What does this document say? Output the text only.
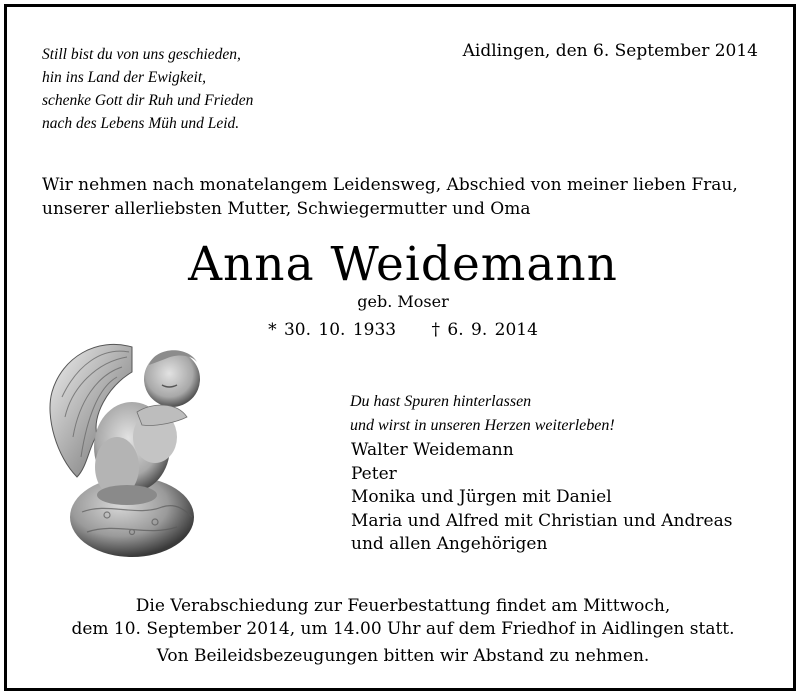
Still bist du von uns geschieden,
hin ins Land der Ewigkeit,
schenke Gott dir Ruh und Frieden
nach des Lebens Müh und Leid.
Aidlingen, den 6. September 2014
Wir nehmen nach monatelangem Leidensweg, Abschied von meiner lieben Frau,
unserer allerliebsten Mutter, Schwiegermutter und Oma
Anna Weidemann
geb. Moser
* 30. 10. 1933 † 6. 9. 2014
Du hast Spuren hinterlassen
und wirst in unseren Herzen weiterleben!
Walter Weidemann
Peter
Monika und Jürgen mit Daniel
Maria und Alfred mit Christian und Andreas
und allen Angehörigen
Die Verabschiedung zur Feuerbestattung findet am Mittwoch,
dem 10. September 2014, um 14.00 Uhr auf dem Friedhof in Aidlingen statt.
Von Beileidsbezeugungen bitten wir Abstand zu nehmen.
